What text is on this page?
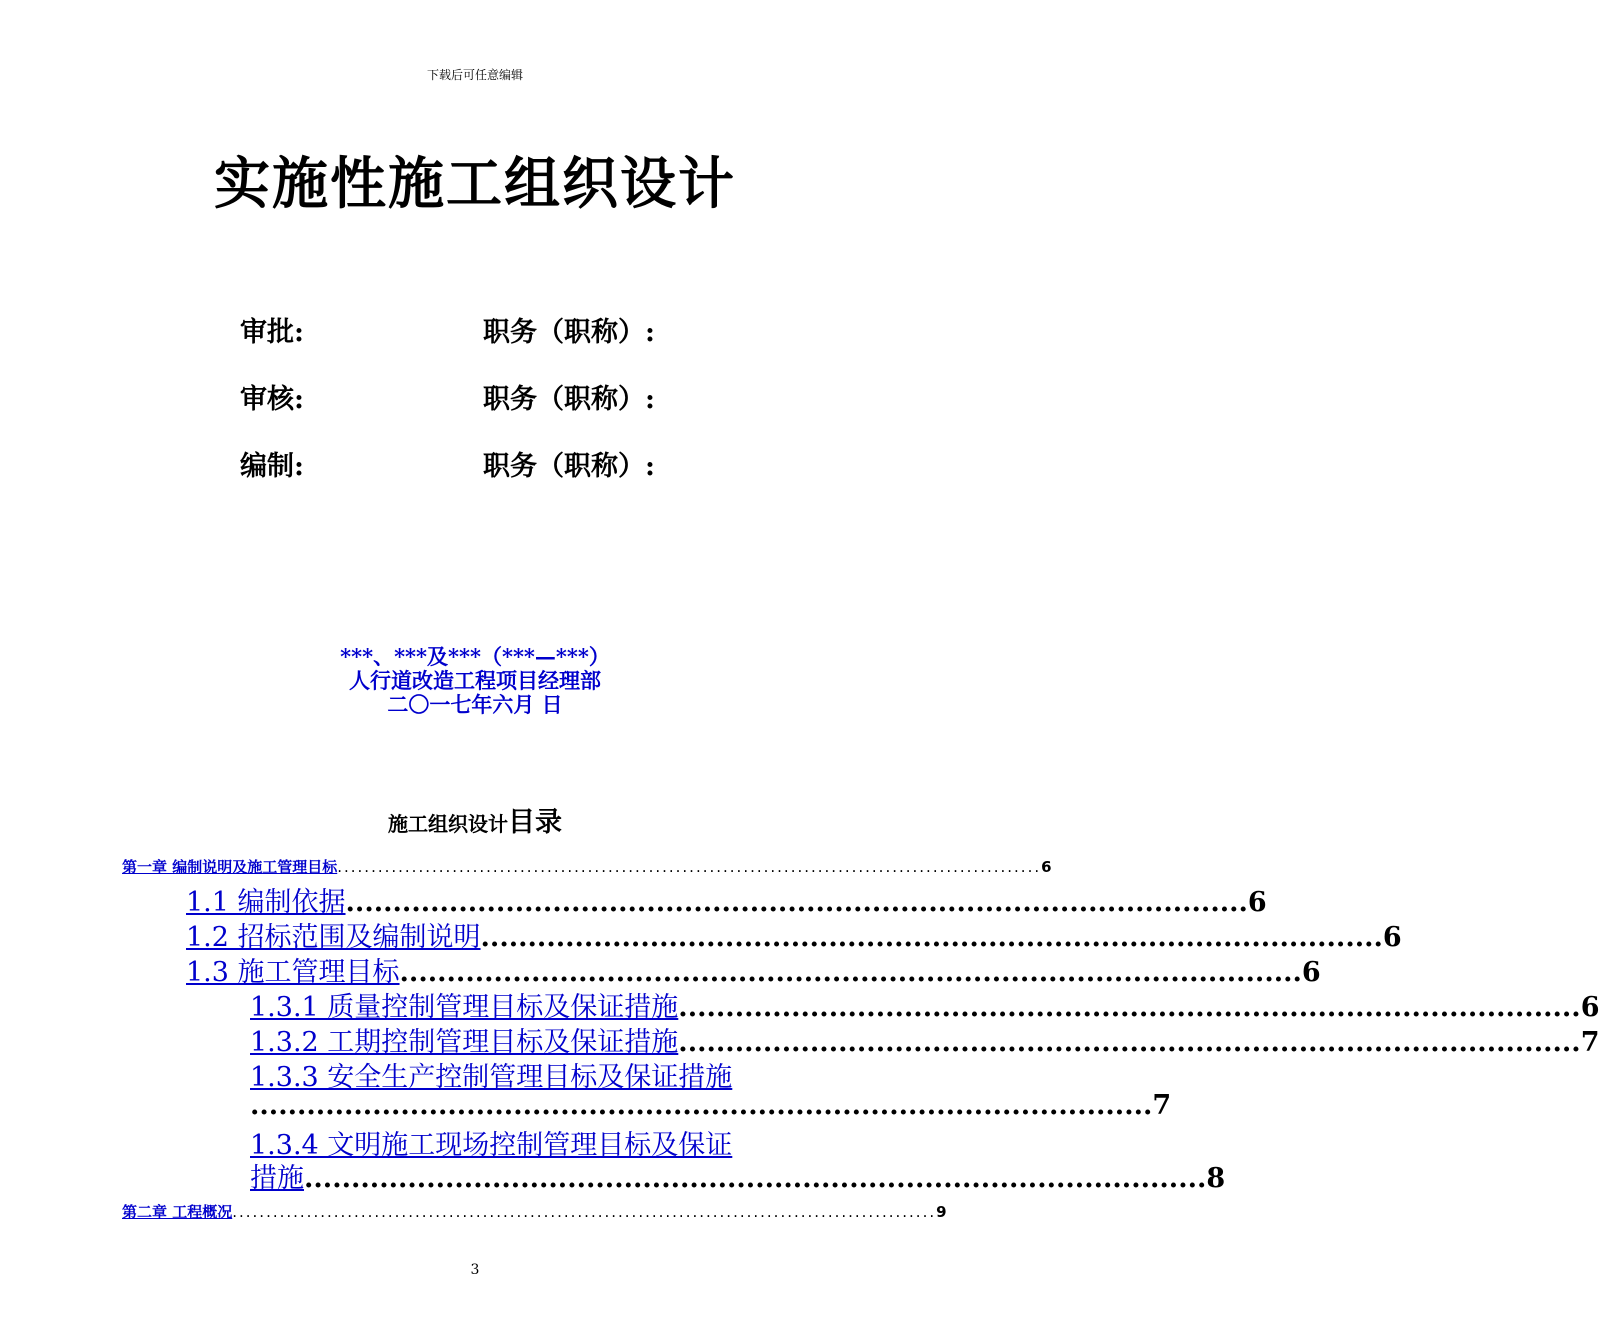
下载后可任意编辑
实施性施工组织设计
审批:	职务（职称）:
审核:	职务（职称）:
编制:	职务（职称）:
***、***及***（***—***）
人行道改造工程项目经理部
二〇一七年六月 日
施工组织设计目录
第一章 编制说明及施工管理目标 ........................................................................................................ 6
1.1 编制依据 ................................................................................................ 6
1.2 招标范围及编制说明 ................................................................................................ 6
1.3 施工管理目标 ................................................................................................ 6
1.3.1 质量控制管理目标及保证措施 ................................................................................................ 6
1.3.2 工期控制管理目标及保证措施 ................................................................................................ 7
1.3.3 安全生产控制管理目标及保证措施
................................................................................................ 7
1.3.4 文明施工现场控制管理目标及保证
措施 ................................................................................................ 8
第二章 工程概况 ........................................................................................................ 9
3
